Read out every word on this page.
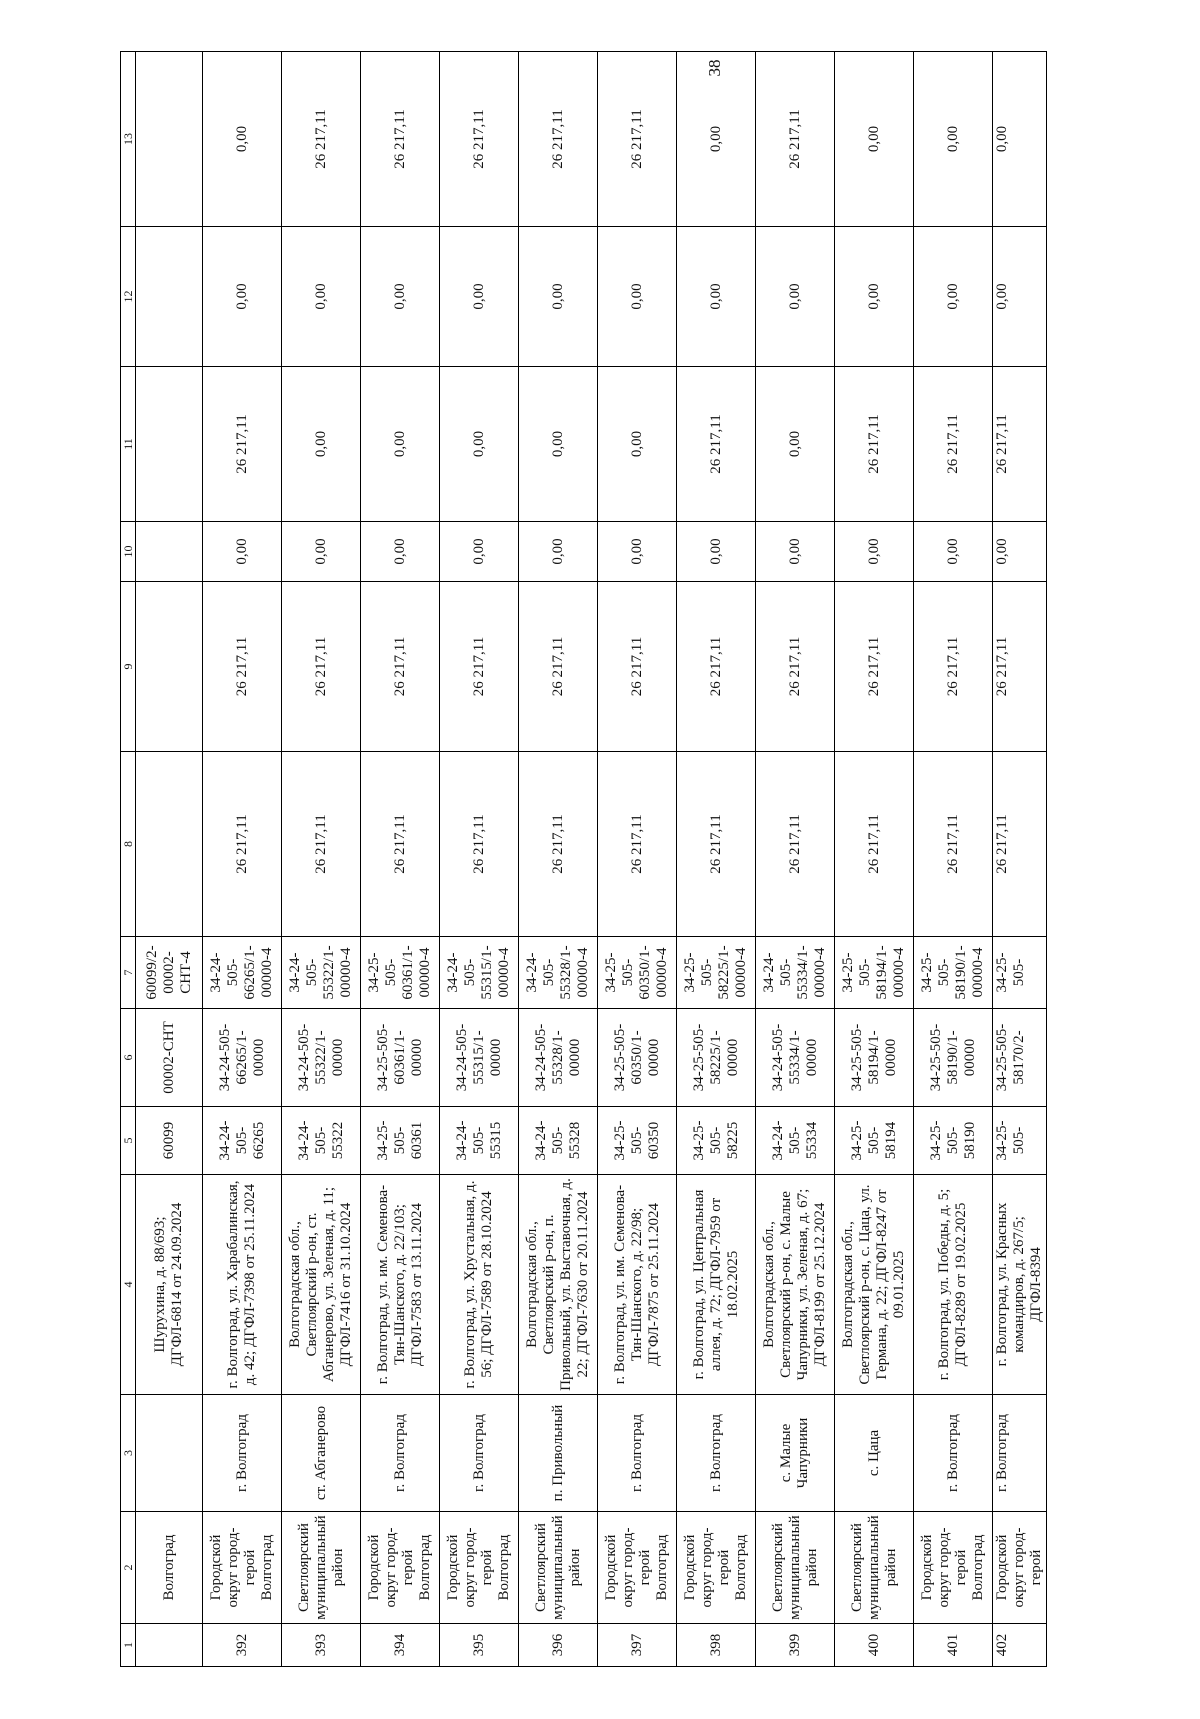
38
1	2	3	4	5	6	7	8	9	10	11	12	13
	Волгоград		Шурухина, д. 88/693; ДГФЛ-6814 от 24.09.2024	60099	00002-СНТ	60099/2-00002-СНТ-4						
392	Городской округ город-герой Волгоград	г. Волгоград	г. Волгоград, ул. Харабалинская, д. 42; ДГФЛ-7398 от 25.11.2024	34-24-505-66265	34-24-505-66265/1-00000	34-24-505-66265/1-00000-4	26 217,11	26 217,11	0,00	26 217,11	0,00	0,00
393	Светлоярский муниципальный район	ст. Абганерово	Волгоградская обл., Светлоярский р-он, ст. Абганерово, ул. Зеленая, д. 11; ДГФЛ-7416 от 31.10.2024	34-24-505-55322	34-24-505-55322/1-00000	34-24-505-55322/1-00000-4	26 217,11	26 217,11	0,00	0,00	0,00	26 217,11
394	Городской округ город-герой Волгоград	г. Волгоград	г. Волгоград, ул. им. Семенова-Тян-Шанского, д. 22/103; ДГФЛ-7583 от 13.11.2024	34-25-505-60361	34-25-505-60361/1-00000	34-25-505-60361/1-00000-4	26 217,11	26 217,11	0,00	0,00	0,00	26 217,11
395	Городской округ город-герой Волгоград	г. Волгоград	г. Волгоград, ул. Хрустальная, д. 56; ДГФЛ-7589 от 28.10.2024	34-24-505-55315	34-24-505-55315/1-00000	34-24-505-55315/1-00000-4	26 217,11	26 217,11	0,00	0,00	0,00	26 217,11
396	Светлоярский муниципальный район	п. Привольный	Волгоградская обл., Светлоярский р-он, п. Привольный, ул. Выставочная, д. 22; ДГФЛ-7630 от 20.11.2024	34-24-505-55328	34-24-505-55328/1-00000	34-24-505-55328/1-00000-4	26 217,11	26 217,11	0,00	0,00	0,00	26 217,11
397	Городской округ город-герой Волгоград	г. Волгоград	г. Волгоград, ул. им. Семенова-Тян-Шанского, д. 22/98; ДГФЛ-7875 от 25.11.2024	34-25-505-60350	34-25-505-60350/1-00000	34-25-505-60350/1-00000-4	26 217,11	26 217,11	0,00	0,00	0,00	26 217,11
398	Городской округ город-герой Волгоград	г. Волгоград	г. Волгоград, ул. Центральная аллея, д. 72; ДГФЛ-7959 от 18.02.2025	34-25-505-58225	34-25-505-58225/1-00000	34-25-505-58225/1-00000-4	26 217,11	26 217,11	0,00	26 217,11	0,00	0,00
399	Светлоярский муниципальный район	с. Малые Чапурники	Волгоградская обл., Светлоярский р-он, с. Малые Чапурники, ул. Зеленая, д. 67; ДГФЛ-8199 от 25.12.2024	34-24-505-55334	34-24-505-55334/1-00000	34-24-505-55334/1-00000-4	26 217,11	26 217,11	0,00	0,00	0,00	26 217,11
400	Светлоярский муниципальный район	с. Цаца	Волгоградская обл., Светлоярский р-он, с. Цаца, ул. Германа, д. 22; ДГФЛ-8247 от 09.01.2025	34-25-505-58194	34-25-505-58194/1-00000	34-25-505-58194/1-00000-4	26 217,11	26 217,11	0,00	26 217,11	0,00	0,00
401	Городской округ город-герой Волгоград	г. Волгоград	г. Волгоград, ул. Победы, д. 5; ДГФЛ-8289 от 19.02.2025	34-25-505-58190	34-25-505-58190/1-00000	34-25-505-58190/1-00000-4	26 217,11	26 217,11	0,00	26 217,11	0,00	0,00
402	Городской округ город-герой	г. Волгоград	г. Волгоград, ул. Красных командиров, д. 267/5; ДГФЛ-8394	34-25-505-	34-25-505-58170/2-	34-25-505-	26 217,11	26 217,11	0,00	26 217,11	0,00	0,00
